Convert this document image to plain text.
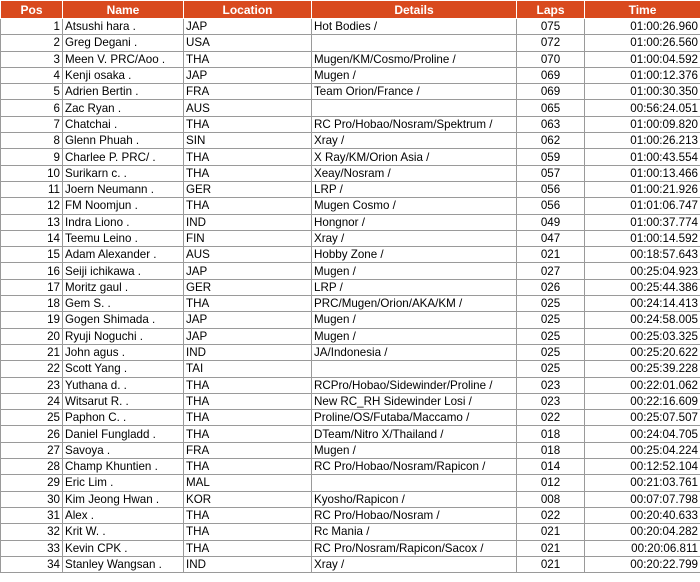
Pos	Name	Location	Details	Laps	Time
1	Atsushi hara .	JAP	Hot Bodies /	075	01:00:26.960
2	Greg Degani .	USA		072	01:00:26.560
3	Meen V. PRC/Aoo .	THA	Mugen/KM/Cosmo/Proline /	070	01:00:04.592
4	Kenji osaka .	JAP	Mugen /	069	01:00:12.376
5	Adrien Bertin .	FRA	Team Orion/France /	069	01:00:30.350
6	Zac Ryan .	AUS		065	00:56:24.051
7	Chatchai .	THA	RC Pro/Hobao/Nosram/Spektrum /	063	01:00:09.820
8	Glenn Phuah .	SIN	Xray /	062	01:00:26.213
9	Charlee P. PRC/ .	THA	X Ray/KM/Orion Asia /	059	01:00:43.554
10	Surikarn c. .	THA	Xeay/Nosram /	057	01:00:13.466
11	Joern Neumann .	GER	LRP /	056	01:00:21.926
12	FM Noomjun .	THA	Mugen Cosmo /	056	01:01:06.747
13	Indra Liono .	IND	Hongnor /	049	01:00:37.774
14	Teemu Leino .	FIN	Xray /	047	01:00:14.592
15	Adam Alexander .	AUS	Hobby Zone /	021	00:18:57.643
16	Seiji ichikawa .	JAP	Mugen /	027	00:25:04.923
17	Moritz gaul .	GER	LRP /	026	00:25:44.386
18	Gem S. .	THA	PRC/Mugen/Orion/AKA/KM /	025	00:24:14.413
19	Gogen Shimada .	JAP	Mugen /	025	00:24:58.005
20	Ryuji Noguchi .	JAP	Mugen /	025	00:25:03.325
21	John agus .	IND	JA/Indonesia /	025	00:25:20.622
22	Scott Yang .	TAI		025	00:25:39.228
23	Yuthana d. .	THA	RCPro/Hobao/Sidewinder/Proline /	023	00:22:01.062
24	Witsarut R. .	THA	New RC_RH Sidewinder Losi /	023	00:22:16.609
25	Paphon C. .	THA	Proline/OS/Futaba/Maccamo /	022	00:25:07.507
26	Daniel Fungladd .	THA	DTeam/Nitro X/Thailand /	018	00:24:04.705
27	Savoya .	FRA	Mugen /	018	00:25:04.224
28	Champ Khuntien .	THA	RC Pro/Hobao/Nosram/Rapicon /	014	00:12:52.104
29	Eric Lim .	MAL		012	00:21:03.761
30	Kim Jeong Hwan .	KOR	Kyosho/Rapicon /	008	00:07:07.798
31	Alex .	THA	RC Pro/Hobao/Nosram /	022	00:20:40.633
32	Krit W. .	THA	Rc Mania /	021	00:20:04.282
33	Kevin CPK .	THA	RC Pro/Nosram/Rapicon/Sacox /	021	00:20:06.811
34	Stanley Wangsan .	IND	Xray /	021	00:20:22.799
